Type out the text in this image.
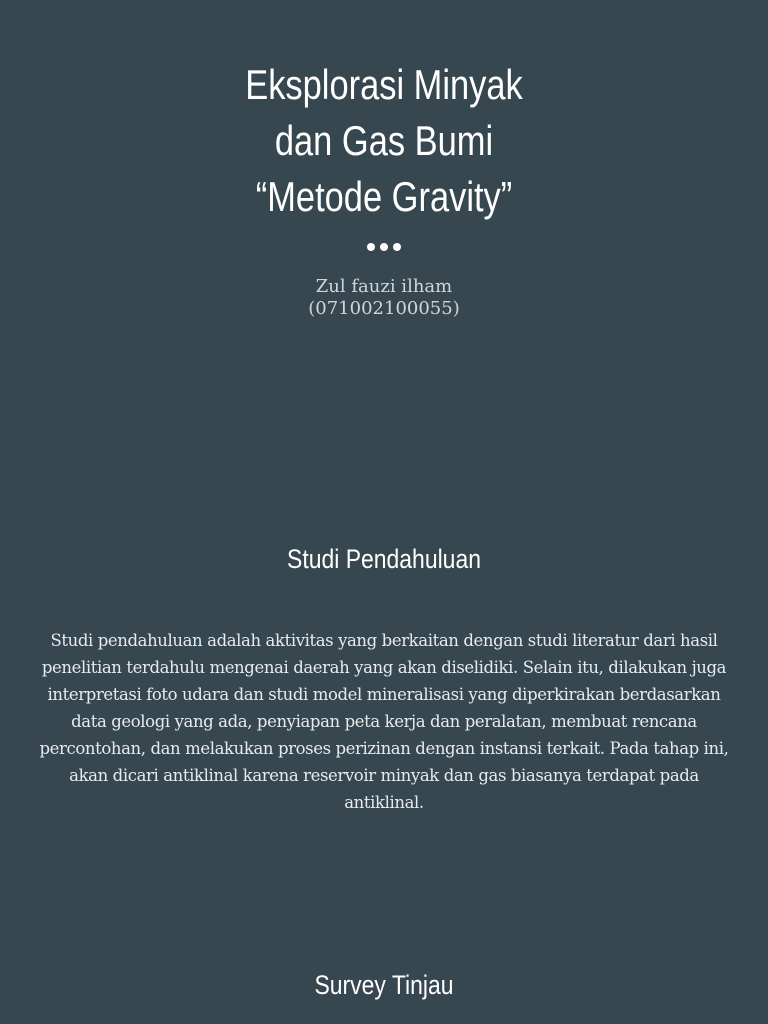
Eksplorasi Minyak
dan Gas Bumi
“Metode Gravity”
Zul fauzi ilham
(071002100055)
Studi Pendahuluan
Studi pendahuluan adalah aktivitas yang berkaitan dengan studi literatur dari hasil penelitian terdahulu mengenai daerah yang akan diselidiki. Selain itu, dilakukan juga interpretasi foto udara dan studi model mineralisasi yang diperkirakan berdasarkan data geologi yang ada, penyiapan peta kerja dan peralatan, membuat rencana percontohan, dan melakukan proses perizinan dengan instansi terkait. Pada tahap ini, akan dicari antiklinal karena reservoir minyak dan gas biasanya terdapat pada antiklinal.
Survey Tinjau
